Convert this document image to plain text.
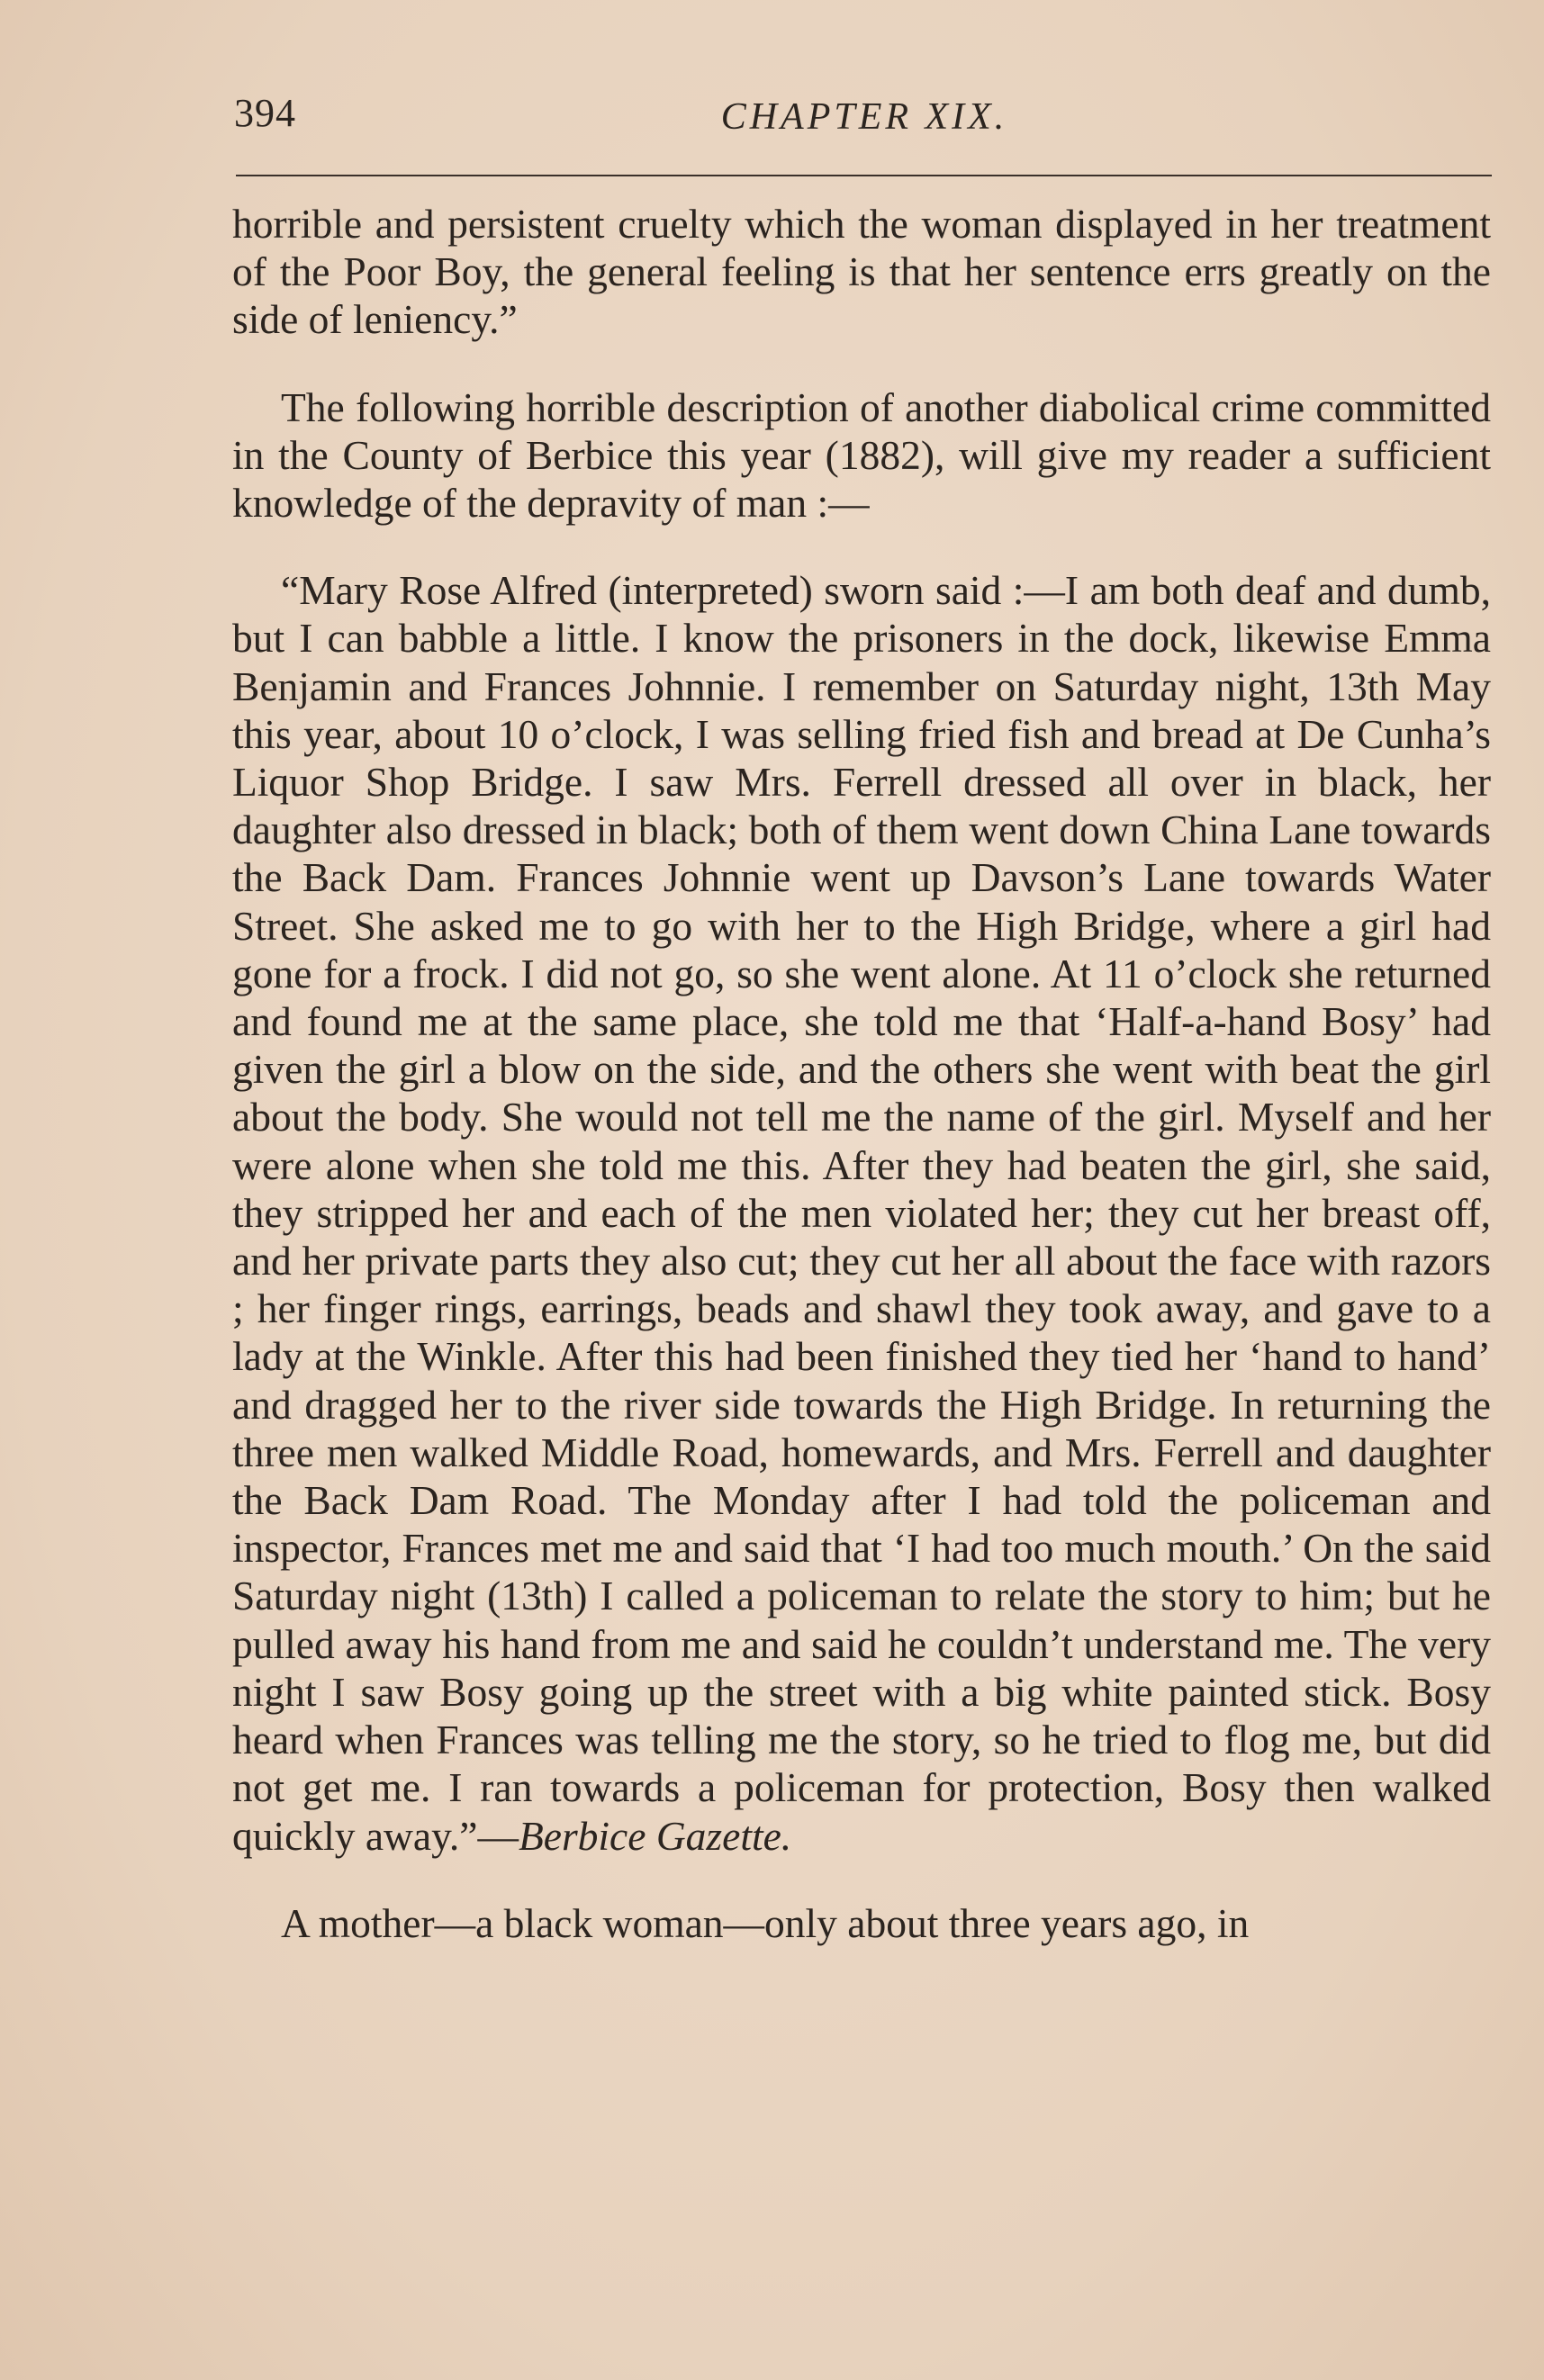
394	CHAPTER XIX.

horrible and persistent cruelty which the woman displayed in her treatment of the Poor Boy, the general feeling is that her sentence errs greatly on the side of leniency.”

The following horrible description of another diabolical crime committed in the County of Berbice this year (1882), will give my reader a sufficient knowledge of the depravity of man :—

“Mary Rose Alfred (interpreted) sworn said :—I am both deaf and dumb, but I can babble a little. I know the prisoners in the dock, likewise Emma Benjamin and Frances Johnnie. I remember on Saturday night, 13th May this year, about 10 o’clock, I was selling fried fish and bread at De Cunha’s Liquor Shop Bridge. I saw Mrs. Ferrell dressed all over in black, her daughter also dressed in black; both of them went down China Lane towards the Back Dam. Frances Johnnie went up Davson’s Lane towards Water Street. She asked me to go with her to the High Bridge, where a girl had gone for a frock. I did not go, so she went alone. At 11 o’clock she returned and found me at the same place, she told me that ‘Half-a-hand Bosy’ had given the girl a blow on the side, and the others she went with beat the girl about the body. She would not tell me the name of the girl. Myself and her were alone when she told me this. After they had beaten the girl, she said, they stripped her and each of the men violated her; they cut her breast off, and her private parts they also cut; they cut her all about the face with razors ; her finger rings, earrings, beads and shawl they took away, and gave to a lady at the Winkle. After this had been finished they tied her ‘hand to hand’ and dragged her to the river side towards the High Bridge. In returning the three men walked Middle Road, homewards, and Mrs. Ferrell and daughter the Back Dam Road. The Monday after I had told the policeman and inspector, Frances met me and said that ‘I had too much mouth.’ On the said Saturday night (13th) I called a policeman to relate the story to him; but he pulled away his hand from me and said he couldn’t understand me. The very night I saw Bosy going up the street with a big white painted stick. Bosy heard when Frances was telling me the story, so he tried to flog me, but did not get me. I ran towards a policeman for protection, Bosy then walked quickly away.”—Berbice Gazette.

A mother—a black woman—only about three years ago, in
